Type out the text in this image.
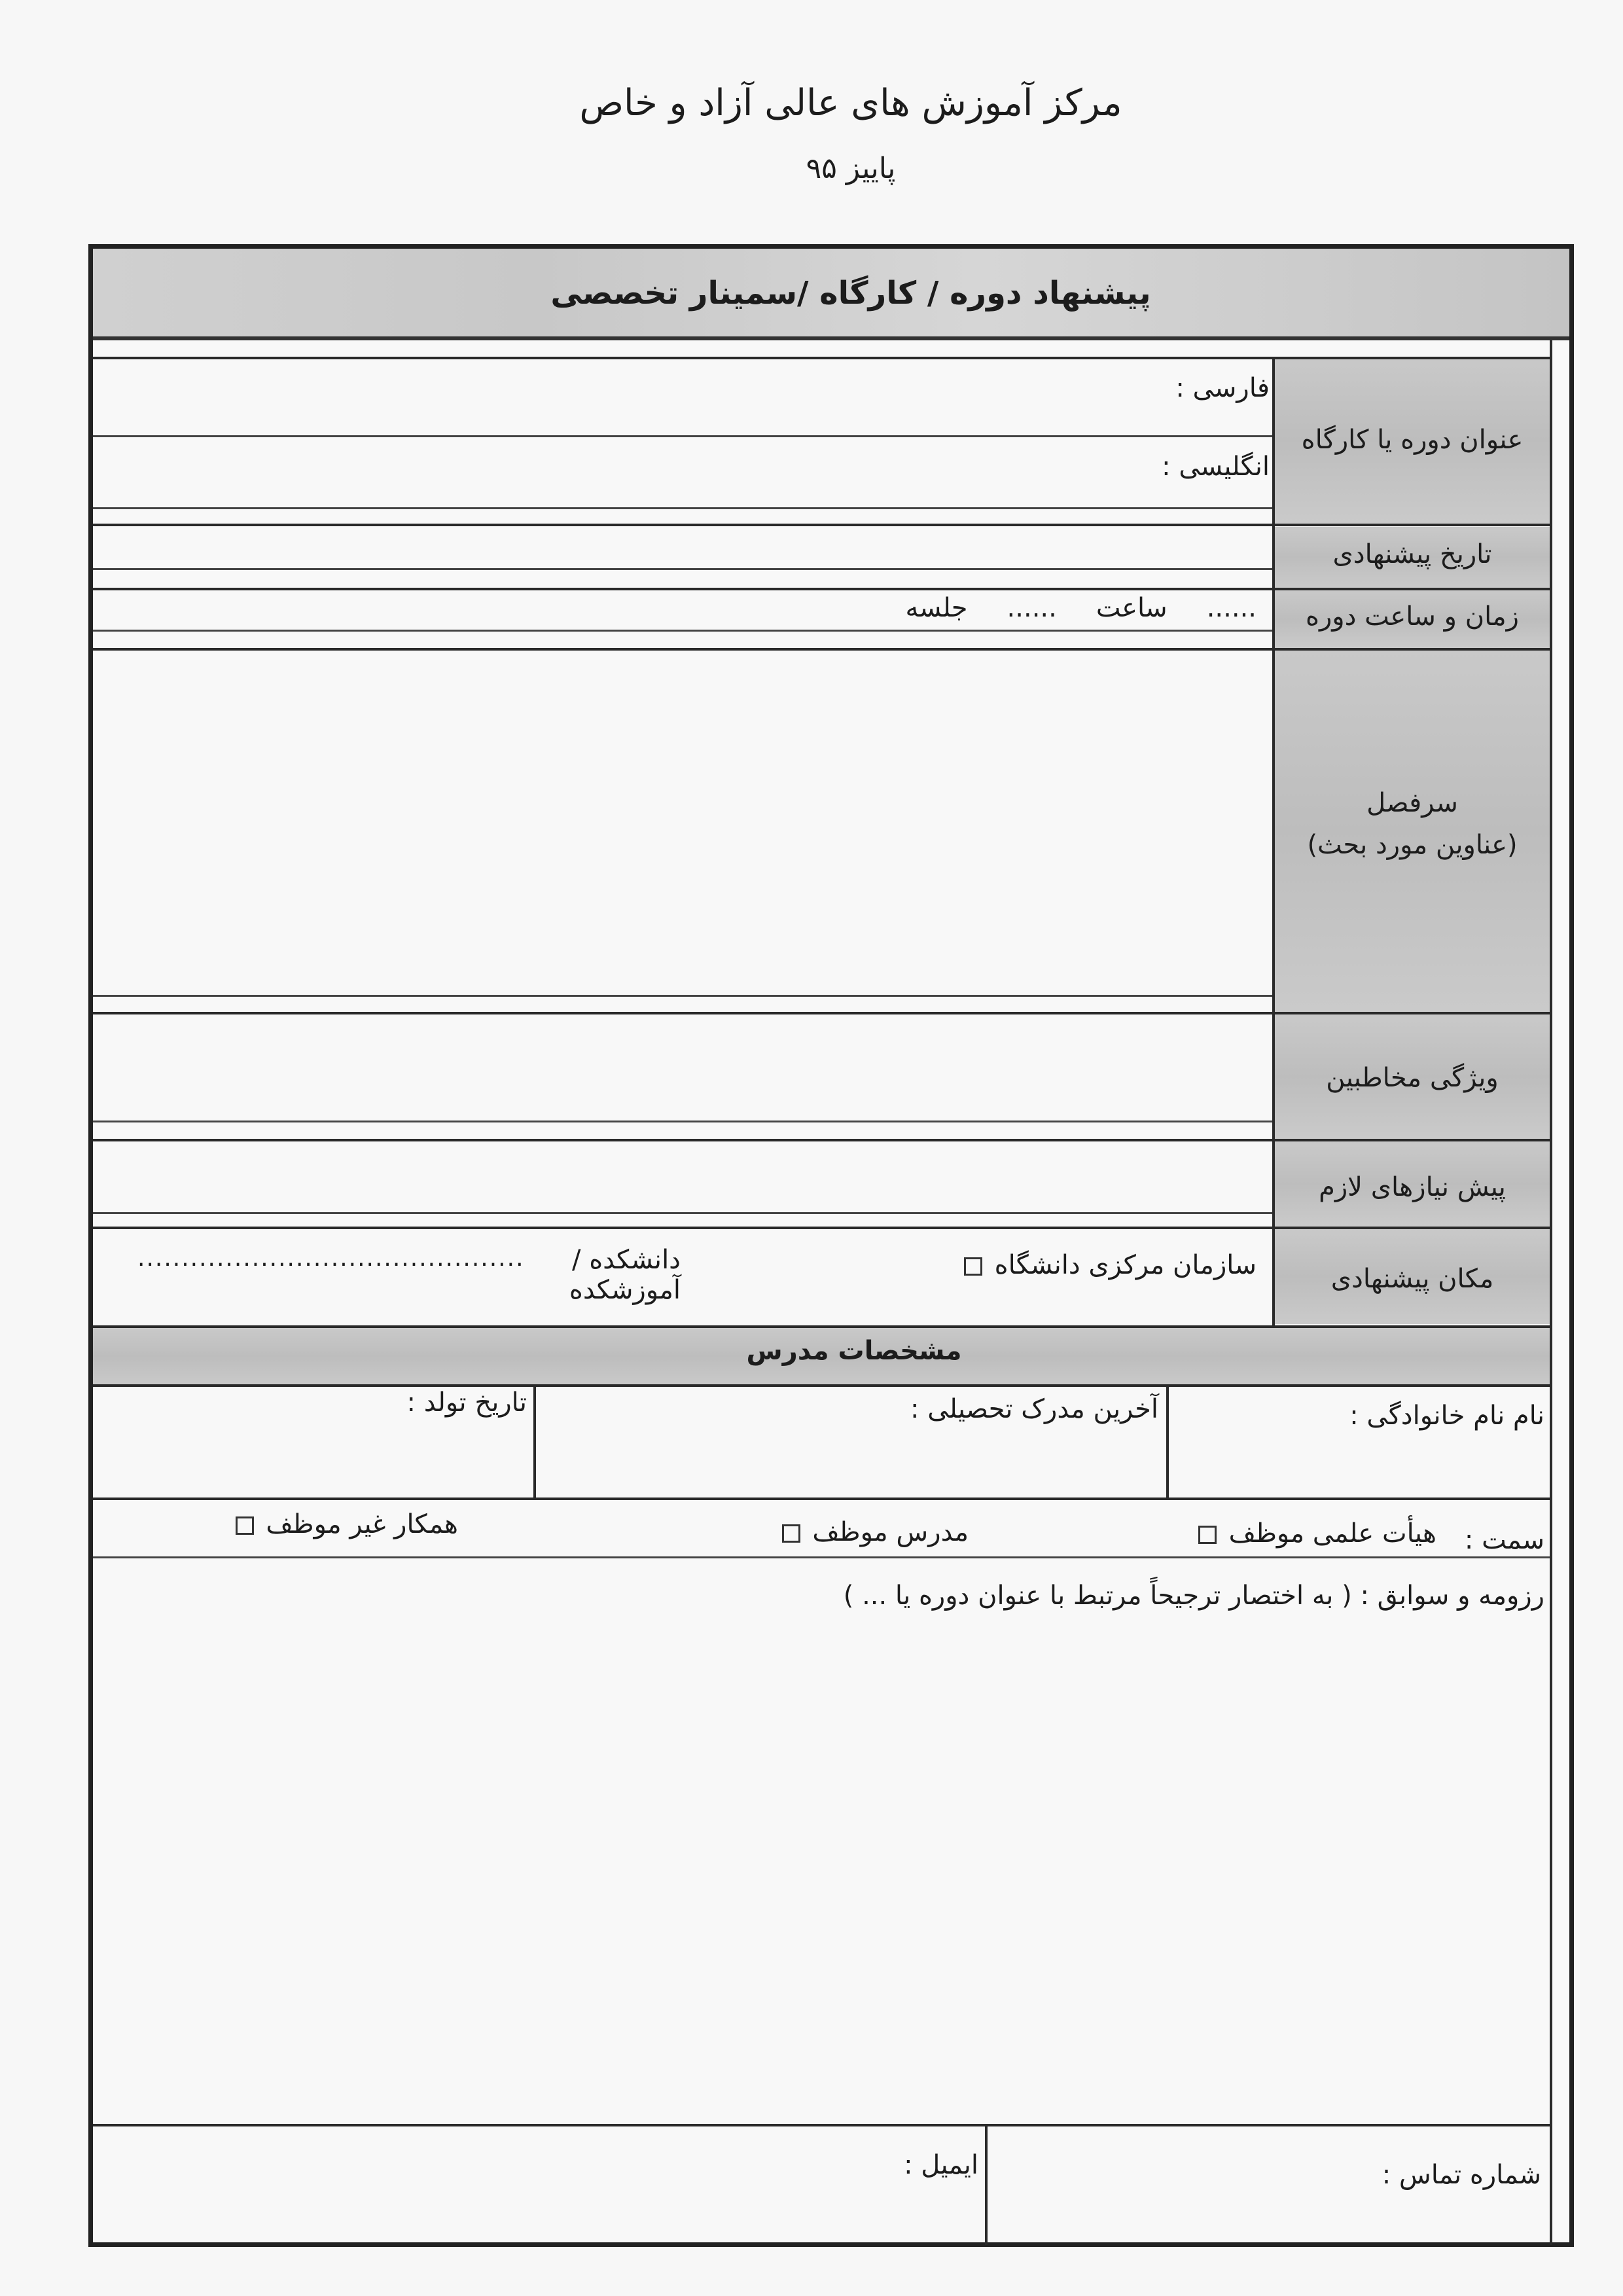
مرکز آموزش های عالی آزاد و خاص
پاییز ۹۵
پیشنهاد دوره / کارگاه /سمینار تخصصی
عنوان دوره یا کارگاه
فارسی :
انگلیسی :
تاریخ پیشنهادی
زمان و ساعت دوره
......
ساعت
......
جلسه
سرفصل
(عناوین مورد بحث)
ویژگی مخاطبین
پیش نیازهای لازم
مکان پیشنهادی
سازمان مرکزی دانشگاه
دانشکده / آموزشکده
............................................
مشخصات مدرس
نام نام خانوادگی :
آخرین مدرک تحصیلی :
تاریخ تولد :
سمت :
هیأت علمی موظف
مدرس موظف
همکار غیر موظف
رزومه و سوابق : ( به اختصار ترجیحاً مرتبط با عنوان دوره یا ... )
شماره تماس :
ایمیل :
